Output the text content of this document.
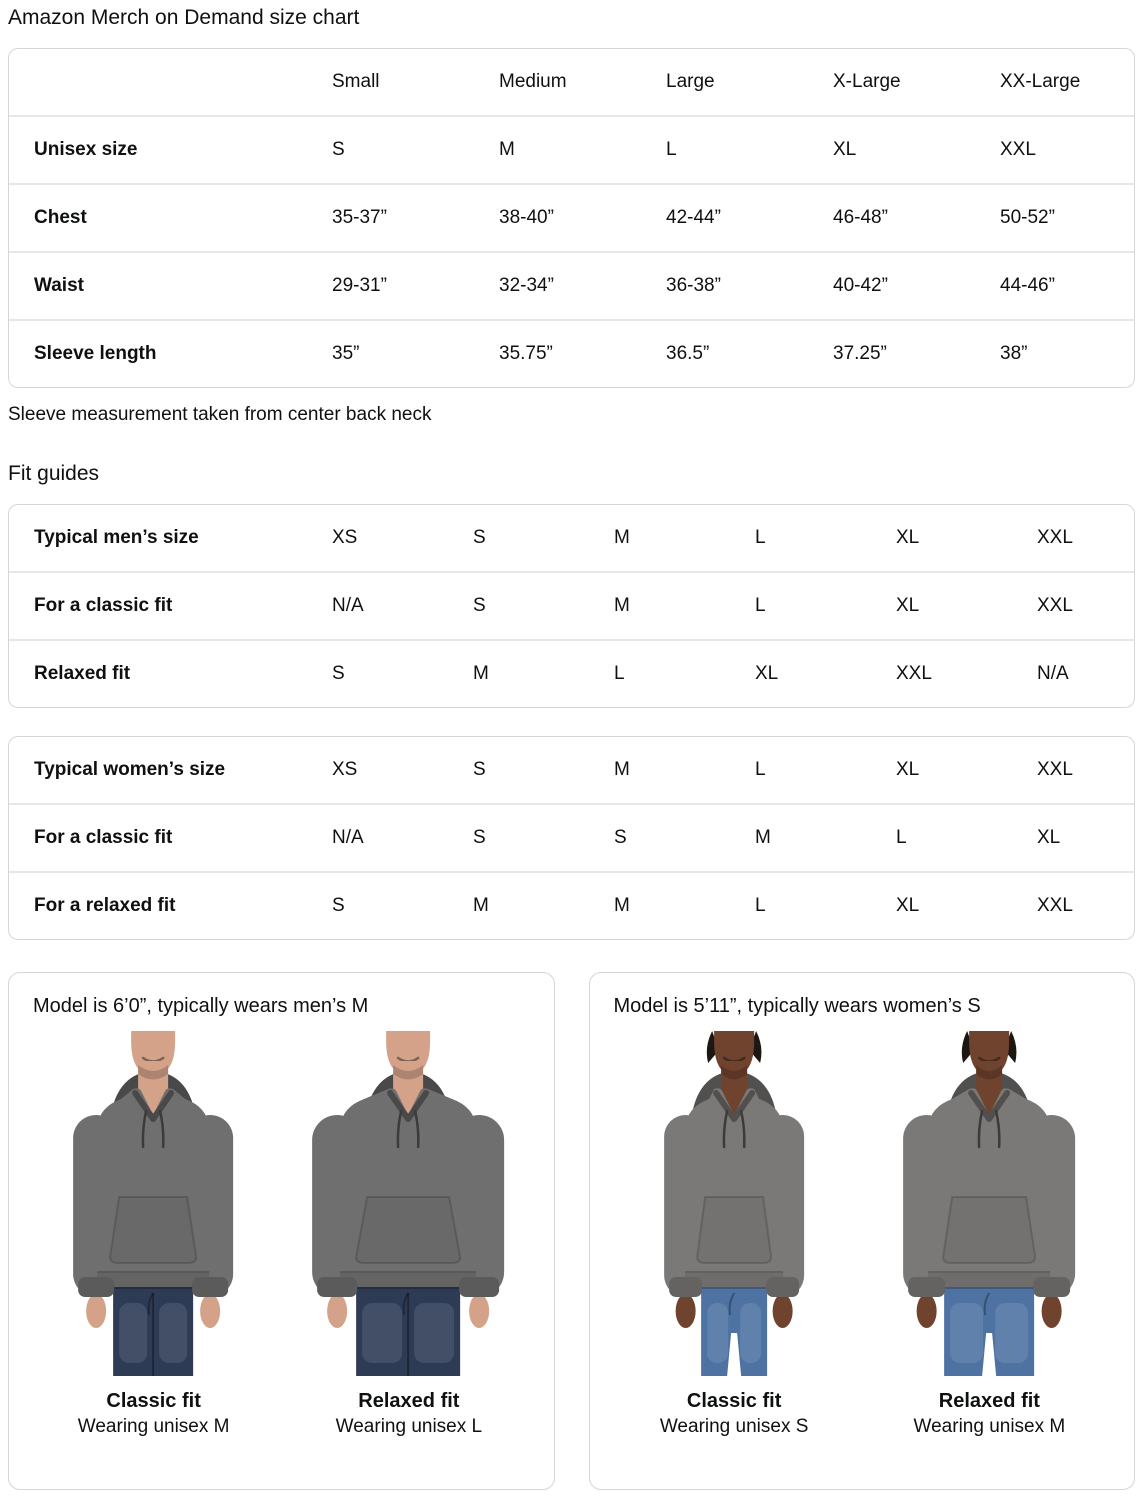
Amazon Merch on Demand size chart
	Small	Medium	Large	X-Large	XX-Large
Unisex size	S	M	L	XL	XXL
Chest	35-37”	38-40”	42-44”	46-48”	50-52”
Waist	29-31”	32-34”	36-38”	40-42”	44-46”
Sleeve length	35”	35.75”	36.5”	37.25”	38”

Sleeve measurement taken from center back neck

Fit guides
Typical men’s size	XS	S	M	L	XL	XXL
For a classic fit	N/A	S	M	L	XL	XXL
Relaxed fit	S	M	L	XL	XXL	N/A
Typical women’s size	XS	S	M	L	XL	XXL
For a classic fit	N/A	S	S	M	L	XL
For a relaxed fit	S	M	M	L	XL	XXL
Model is 6’0”, typically wears men’s M
Classic fit
Wearing unisex M
Relaxed fit
Wearing unisex L
Model is 5’11”, typically wears women’s S
Classic fit
Wearing unisex S
Relaxed fit
Wearing unisex M
